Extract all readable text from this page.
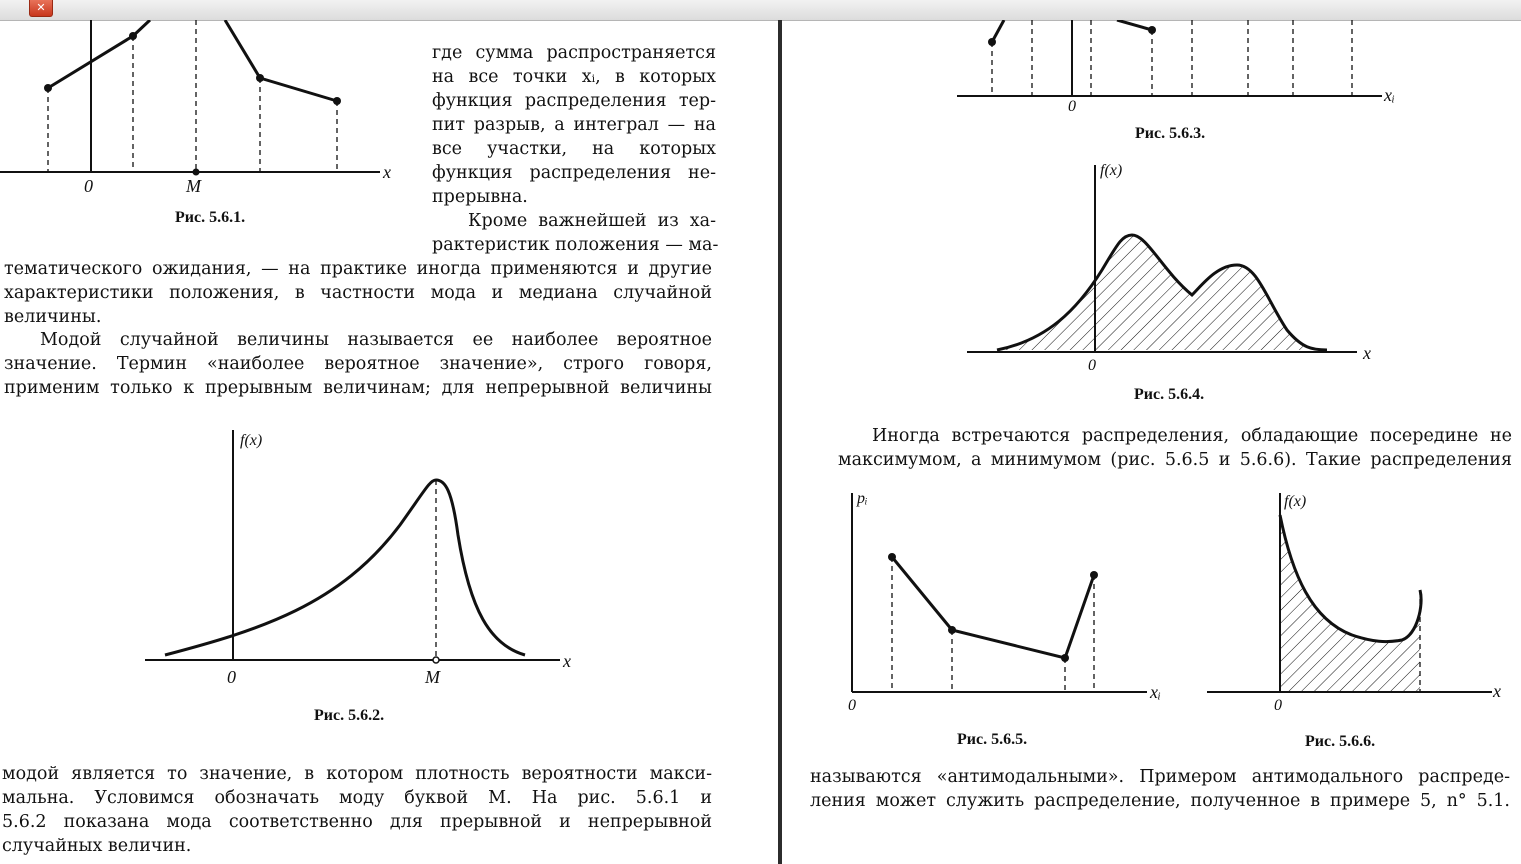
✕
0	М
x
Рис. 5.6.1.
где сумма распространяется
на все точки xᵢ, в которых
функция распределения тер-
пит разрыв, а интеграл — на
все участки, на которых
функция распределения не-
прерывна.
Кроме важнейшей из ха-
рактеристик положения — ма-
тематического ожидания, — на практике иногда применяются и другие
характеристики положения, в частности мода и медиана случайной
величины.
Модой случайной величины называется ее наиболее вероятное
значение. Термин «наиболее вероятное значение», строго говоря,
применим только к прерывным величинам; для непрерывной величины
f(x)
0	М
x
Рис. 5.6.2.
модой является то значение, в котором плотность вероятности макси-
мальна. Условимся обозначать моду буквой М. На рис. 5.6.1 и
5.6.2 показана мода соответственно для прерывной и непрерывной
случайных величин.
0
xᵢ
Рис. 5.6.3.
f(x)
0
x
Рис. 5.6.4.
Иногда встречаются распределения, обладающие посередине не
максимумом, а минимумом (рис. 5.6.5 и 5.6.6). Такие распределения
pᵢ
0
xᵢ
Рис. 5.6.5.
f(x)
0
x
Рис. 5.6.6.
называются «антимодальными». Примером антимодального распреде-
ления может служить распределение, полученное в примере 5, n° 5.1.
